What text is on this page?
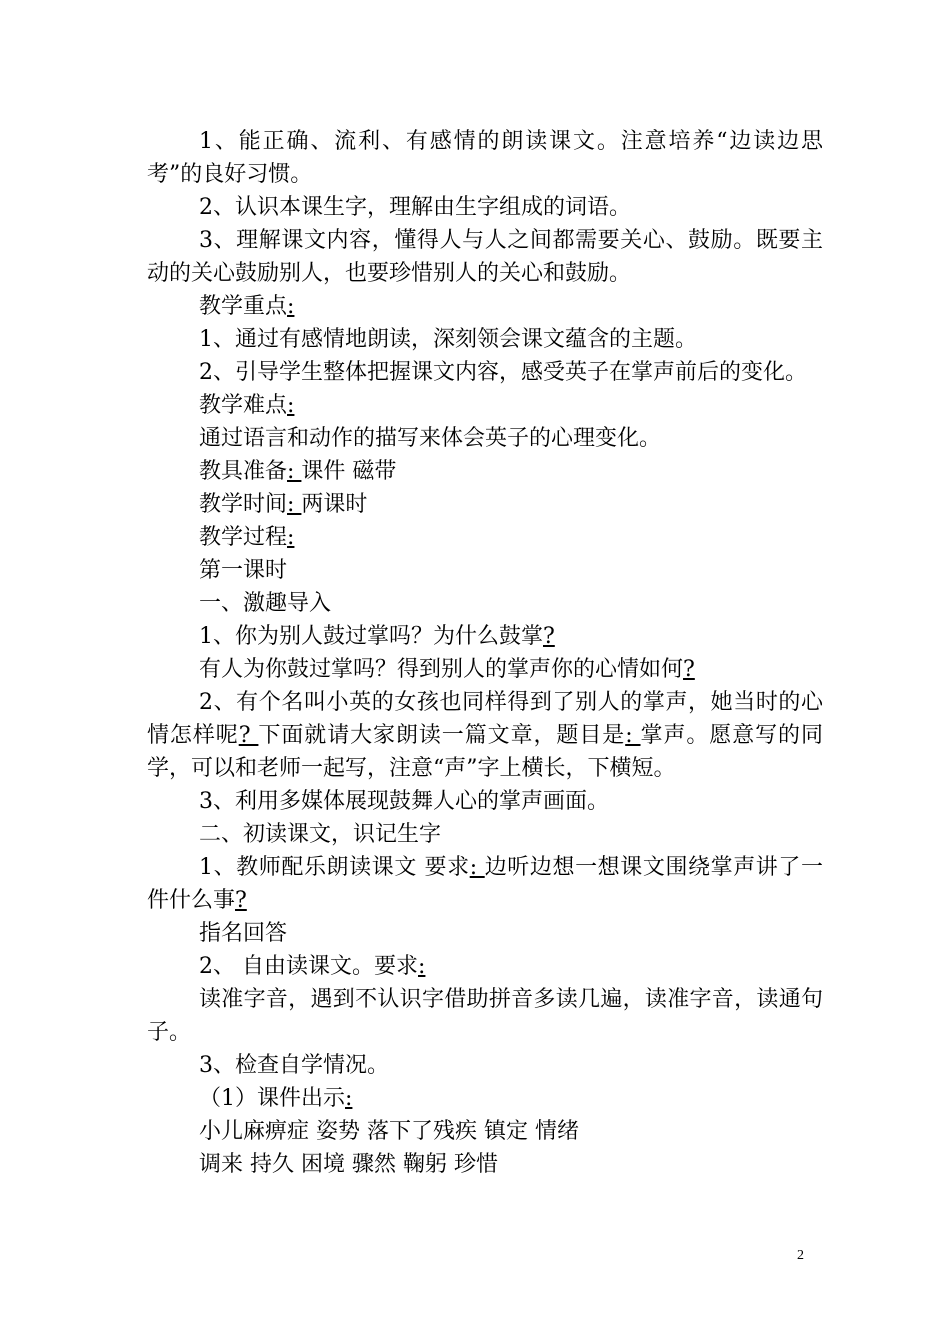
1、能正确、流利、有感情的朗读课文。注意培养“边读边思考”的良好习惯。

2、认识本课生字，理解由生字组成的词语。

3、理解课文内容，懂得人与人之间都需要关心、鼓励。既要主动的关心鼓励别人，也要珍惜别人的关心和鼓励。

教学重点:

1、通过有感情地朗读，深刻领会课文蕴含的主题。

2、引导学生整体把握课文内容，感受英子在掌声前后的变化。

教学难点:

通过语言和动作的描写来体会英子的心理变化。

教具准备: 课件 磁带

教学时间: 两课时

教学过程:

第一课时

一、激趣导入

1、你为别人鼓过掌吗？为什么鼓掌?

有人为你鼓过掌吗？得到别人的掌声你的心情如何?

2、有个名叫小英的女孩也同样得到了别人的掌声，她当时的心情怎样呢? 下面就请大家朗读一篇文章，题目是: 掌声。愿意写的同学，可以和老师一起写，注意“声”字上横长，下横短。

3、利用多媒体展现鼓舞人心的掌声画面。

二、初读课文，识记生字

1、教师配乐朗读课文 要求: 边听边想一想课文围绕掌声讲了一件什么事?

指名回答

2、 自由读课文。要求:

读准字音，遇到不认识字借助拼音多读几遍，读准字音，读通句子。

3、检查自学情况。

（1）课件出示:

小儿麻痹症 姿势 落下了残疾 镇定 情绪

调来 持久 困境 骤然 鞠躬 珍惜

2
